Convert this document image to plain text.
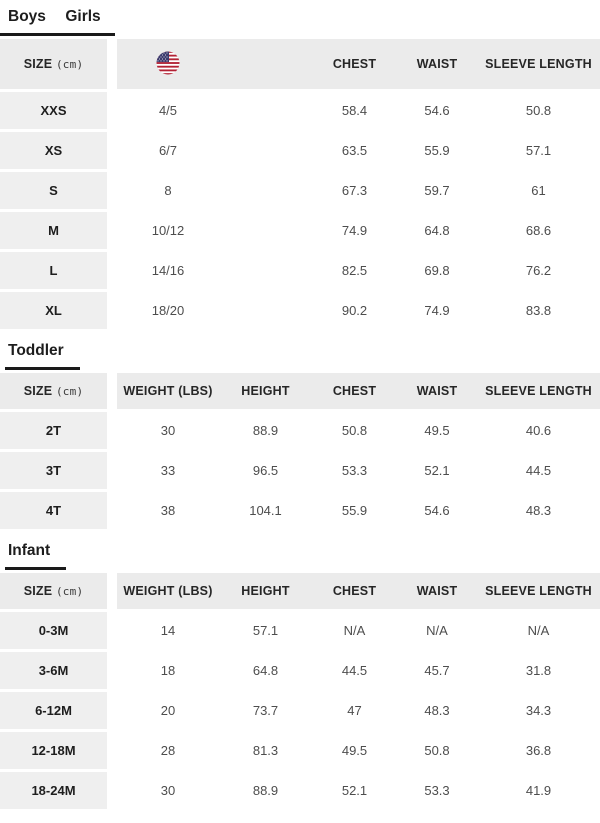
Boys Girls
SIZE (cm)			CHEST	WAIST	SLEEVE LENGTH
XXS	4/5		58.4	54.6	50.8
XS	6/7		63.5	55.9	57.1
S	8		67.3	59.7	61
M	10/12		74.9	64.8	68.6
L	14/16		82.5	69.8	76.2
XL	18/20		90.2	74.9	83.8
Toddler
SIZE (cm)	WEIGHT (LBS)	HEIGHT	CHEST	WAIST	SLEEVE LENGTH
2T	30	88.9	50.8	49.5	40.6
3T	33	96.5	53.3	52.1	44.5
4T	38	104.1	55.9	54.6	48.3
Infant
SIZE (cm)	WEIGHT (LBS)	HEIGHT	CHEST	WAIST	SLEEVE LENGTH
0-3M	14	57.1	N/A	N/A	N/A
3-6M	18	64.8	44.5	45.7	31.8
6-12M	20	73.7	47	48.3	34.3
12-18M	28	81.3	49.5	50.8	36.8
18-24M	30	88.9	52.1	53.3	41.9
